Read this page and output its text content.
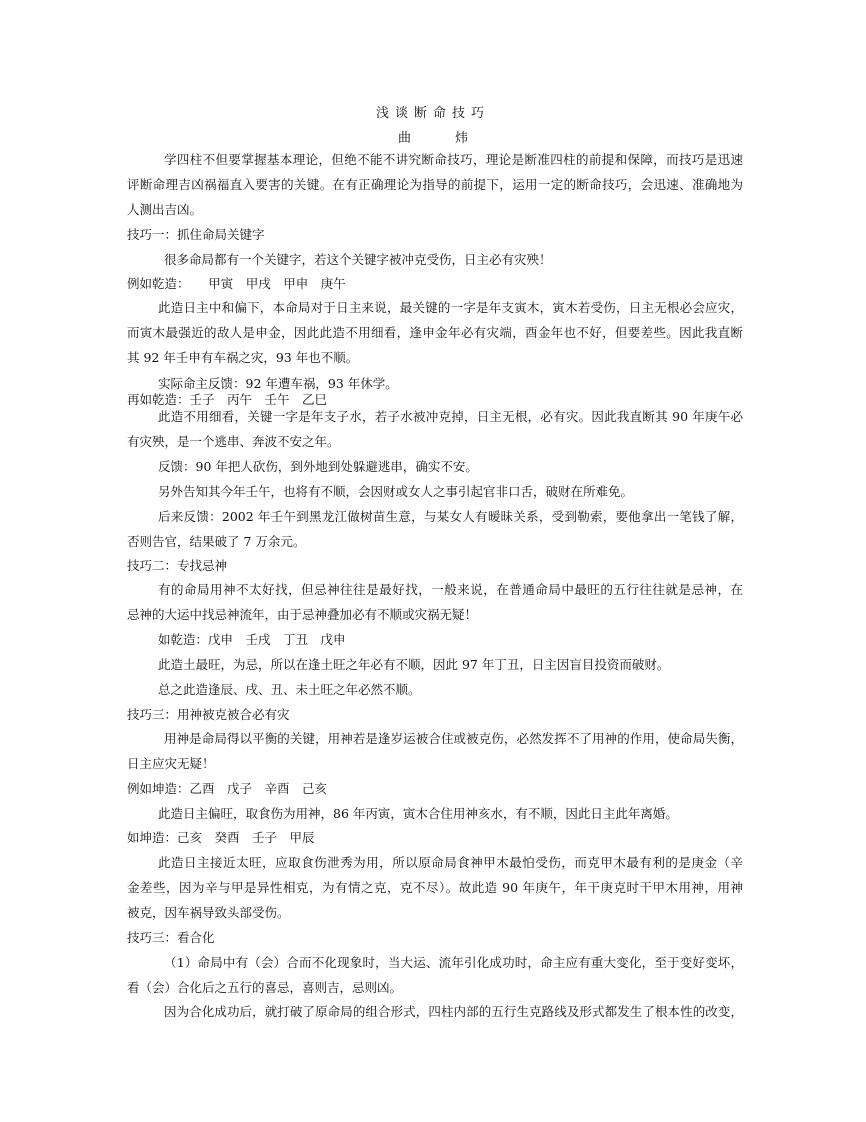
浅谈断命技巧
曲	炜
学四柱不但要掌握基本理论，但绝不能不讲究断命技巧，理论是断准四柱的前提和保障，而技巧是迅速
评断命理吉凶祸福直入要害的关键。在有正确理论为指导的前提下，运用一定的断命技巧，会迅速、准确地为
人测出吉凶。
技巧一：抓住命局关键字
很多命局都有一个关键字，若这个关键字被冲克受伤，日主必有灾殃！
例如乾造：　　甲寅　甲戌　甲申　庚午
此造日主中和偏下，本命局对于日主来说，最关键的一字是年支寅木，寅木若受伤，日主无根必会应灾，
而寅木最强近的敌人是申金，因此此造不用细看，逢申金年必有灾端，酉金年也不好，但要差些。因此我直断
其 92 年壬申有车祸之灾，93 年也不顺。
实际命主反馈：92 年遭车祸，93 年休学。
再如乾造：壬子　丙午　壬午　乙巳
此造不用细看，关键一字是年支子水，若子水被冲克掉，日主无根，必有灾。因此我直断其 90 年庚午必
有灾殃，是一个逃串、奔波不安之年。
反馈：90 年把人砍伤，到外地到处躲避逃串，确实不安。
另外告知其今年壬午，也将有不顺，会因财或女人之事引起官非口舌，破财在所难免。
后来反馈：2002 年壬午到黑龙江做树苗生意，与某女人有暧昧关系，受到勒索，要他拿出一笔钱了解，
否则告官，结果破了 7 万余元。
技巧二：专找忌神
有的命局用神不太好找，但忌神往往是最好找，一般来说，在普通命局中最旺的五行往往就是忌神，在
忌神的大运中找忌神流年，由于忌神叠加必有不顺或灾祸无疑！
如乾造：戊申　壬戌　丁丑　戊申
此造土最旺，为忌，所以在逢土旺之年必有不顺，因此 97 年丁丑，日主因盲目投资而破财。
总之此造逢辰、戌、丑、未土旺之年必然不顺。
技巧三：用神被克被合必有灾
用神是命局得以平衡的关键，用神若是逢岁运被合住或被克伤，必然发挥不了用神的作用，使命局失衡，
日主应灾无疑！
例如坤造：乙酉　戊子　辛酉　己亥
此造日主偏旺，取食伤为用神，86 年丙寅，寅木合住用神亥水，有不顺，因此日主此年离婚。
如坤造：己亥　癸酉　壬子　甲辰
此造日主接近太旺，应取食伤泄秀为用，所以原命局食神甲木最怕受伤，而克甲木最有利的是庚金（辛
金差些，因为辛与甲是异性相克，为有情之克，克不尽）。故此造 90 年庚午，年干庚克时干甲木用神，用神
被克，因车祸导致头部受伤。
技巧三：看合化
（1）命局中有（会）合而不化现象时，当大运、流年引化成功时，命主应有重大变化，至于变好变坏，
看（会）合化后之五行的喜忌，喜则吉，忌则凶。
因为合化成功后，就打破了原命局的组合形式，四柱内部的五行生克路线及形式都发生了根本性的改变，
